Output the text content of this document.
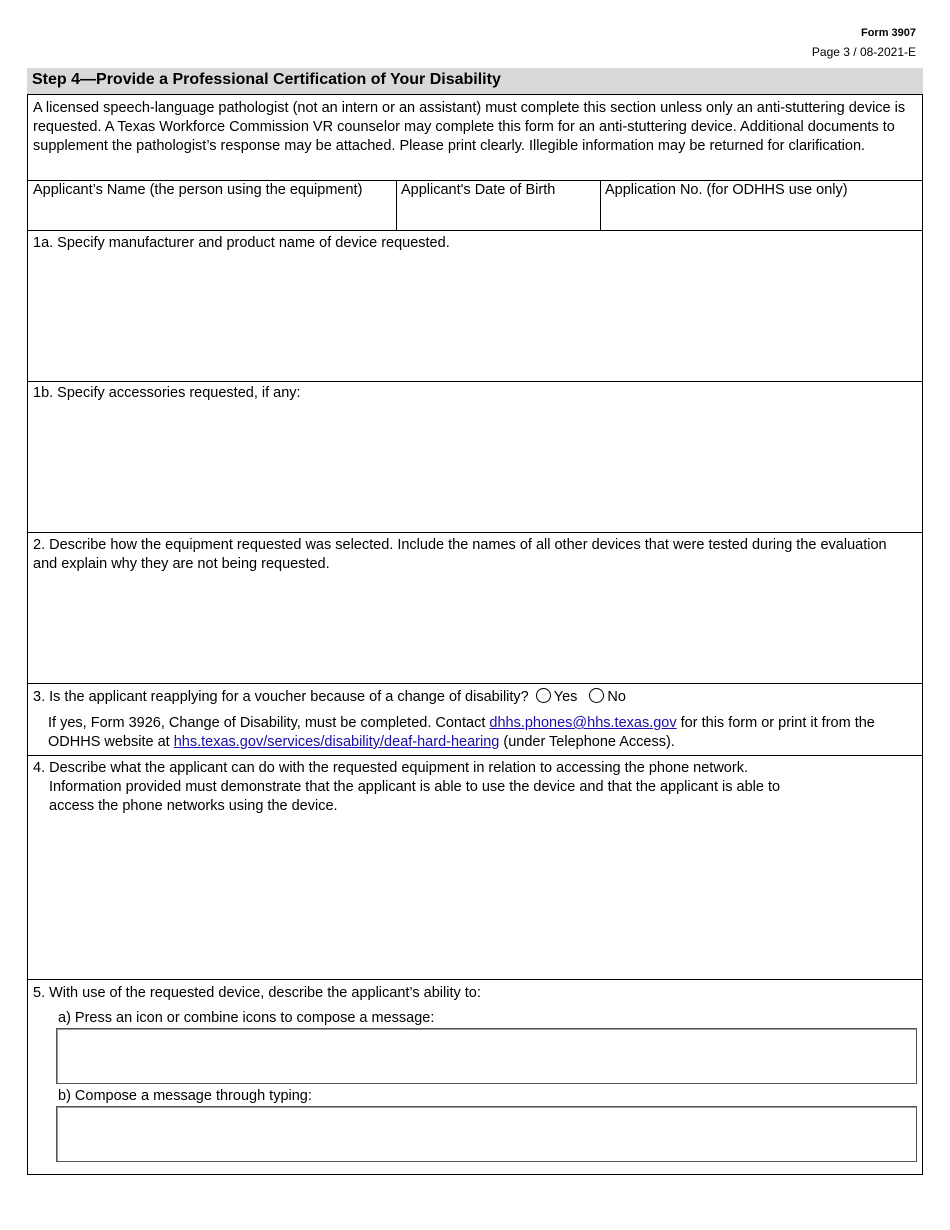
Form 3907
Page 3 / 08-2021-E
Step 4—Provide a Professional Certification of Your Disability
A licensed speech-language pathologist (not an intern or an assistant) must complete this section unless only an anti-stuttering device is requested. A Texas Workforce Commission VR counselor may complete this form for an anti-stuttering device. Additional documents to supplement the pathologist’s response may be attached. Please print clearly. Illegible information may be returned for clarification.
Applicant’s Name (the person using the equipment)	Applicant's Date of Birth	Application No. (for ODHHS use only)
1a. Specify manufacturer and product name of device requested.
1b. Specify accessories requested, if any:
2. Describe how the equipment requested was selected. Include the names of all other devices that were tested during the evaluation and explain why they are not being requested.
3. Is the applicant reapplying for a voucher because of a change of disability? Yes No
If yes, Form 3926, Change of Disability, must be completed. Contact dhhs.phones@hhs.texas.gov for this form or print it from the ODHHS website at hhs.texas.gov/services/disability/deaf-hard-hearing (under Telephone Access).
4. Describe what the applicant can do with the requested equipment in relation to accessing the phone network.
Information provided must demonstrate that the applicant is able to use the device and that the applicant is able to
access the phone networks using the device.
5. With use of the requested device, describe the applicant’s ability to:
a) Press an icon or combine icons to compose a message:
b) Compose a message through typing:
